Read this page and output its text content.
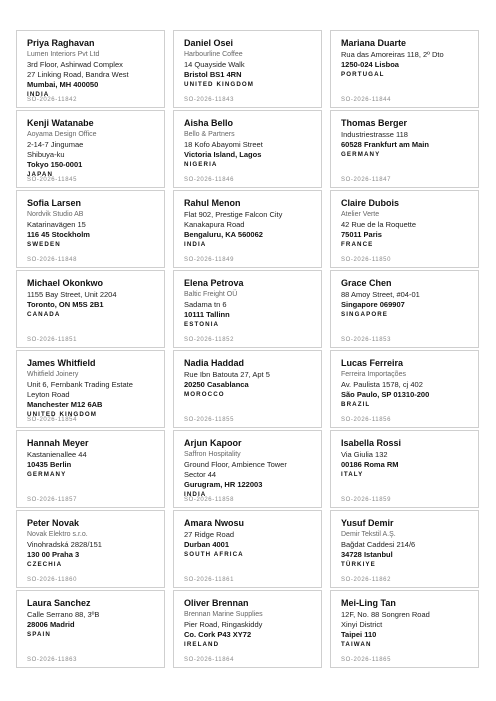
Priya Raghavan
Lumen Interiors Pvt Ltd
3rd Floor, Ashirwad Complex
27 Linking Road, Bandra West
Mumbai, MH 400050
INDIA
SO-2026-11842
Daniel Osei
Harbourline Coffee
14 Quayside Walk
Bristol BS1 4RN
UNITED KINGDOM
SO-2026-11843
Mariana Duarte
Rua das Amoreiras 118, 2º Dto
1250-024 Lisboa
PORTUGAL
SO-2026-11844
Kenji Watanabe
Aoyama Design Office
2-14-7 Jingumae
Shibuya-ku
Tokyo 150-0001
JAPAN
SO-2026-11845
Aisha Bello
Bello & Partners
18 Kofo Abayomi Street
Victoria Island, Lagos
NIGERIA
SO-2026-11846
Thomas Berger
Industriestrasse 118
60528 Frankfurt am Main
GERMANY
SO-2026-11847
Sofia Larsen
Nordvik Studio AB
Katarinavägen 15
116 45 Stockholm
SWEDEN
SO-2026-11848
Rahul Menon
Flat 902, Prestige Falcon City
Kanakapura Road
Bengaluru, KA 560062
INDIA
SO-2026-11849
Claire Dubois
Atelier Verte
42 Rue de la Roquette
75011 Paris
FRANCE
SO-2026-11850
Michael Okonkwo
1155 Bay Street, Unit 2204
Toronto, ON M5S 2B1
CANADA
SO-2026-11851
Elena Petrova
Baltic Freight OÜ
Sadama tn 6
10111 Tallinn
ESTONIA
SO-2026-11852
Grace Chen
88 Amoy Street, #04-01
Singapore 069907
SINGAPORE
SO-2026-11853
James Whitfield
Whitfield Joinery
Unit 6, Fernbank Trading Estate
Leyton Road
Manchester M12 6AB
UNITED KINGDOM
SO-2026-11854
Nadia Haddad
Rue Ibn Batouta 27, Apt 5
20250 Casablanca
MOROCCO
SO-2026-11855
Lucas Ferreira
Ferreira Importações
Av. Paulista 1578, cj 402
São Paulo, SP 01310-200
BRAZIL
SO-2026-11856
Hannah Meyer
Kastanienallee 44
10435 Berlin
GERMANY
SO-2026-11857
Arjun Kapoor
Saffron Hospitality
Ground Floor, Ambience Tower
Sector 44
Gurugram, HR 122003
INDIA
SO-2026-11858
Isabella Rossi
Via Giulia 132
00186 Roma RM
ITALY
SO-2026-11859
Peter Novak
Novak Elektro s.r.o.
Vinohradská 2828/151
130 00 Praha 3
CZECHIA
SO-2026-11860
Amara Nwosu
27 Ridge Road
Durban 4001
SOUTH AFRICA
SO-2026-11861
Yusuf Demir
Demir Tekstil A.Ş.
Bağdat Caddesi 214/6
34728 Istanbul
TÜRKIYE
SO-2026-11862
Laura Sanchez
Calle Serrano 88, 3ºB
28006 Madrid
SPAIN
SO-2026-11863
Oliver Brennan
Brennan Marine Supplies
Pier Road, Ringaskiddy
Co. Cork P43 XY72
IRELAND
SO-2026-11864
Mei-Ling Tan
12F, No. 88 Songren Road
Xinyi District
Taipei 110
TAIWAN
SO-2026-11865
